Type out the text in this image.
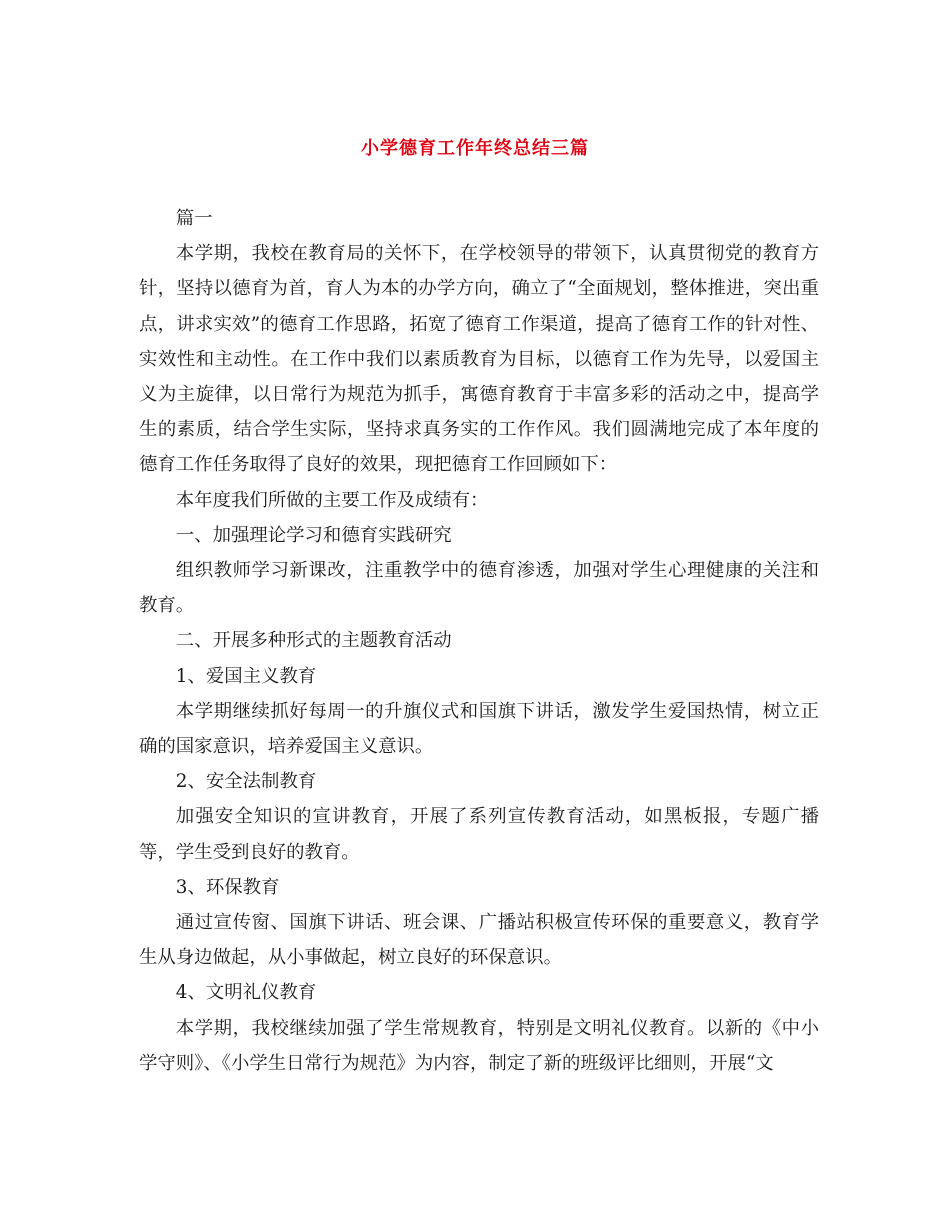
小学德育工作年终总结三篇

篇一

本学期，我校在教育局的关怀下，在学校领导的带领下，认真贯彻党的教育方针，坚持以德育为首，育人为本的办学方向，确立了“全面规划，整体推进，突出重点，讲求实效”的德育工作思路，拓宽了德育工作渠道，提高了德育工作的针对性、实效性和主动性。在工作中我们以素质教育为目标，以德育工作为先导，以爱国主义为主旋律，以日常行为规范为抓手，寓德育教育于丰富多彩的活动之中，提高学生的素质，结合学生实际，坚持求真务实的工作作风。我们圆满地完成了本年度的德育工作任务取得了良好的效果，现把德育工作回顾如下：

本年度我们所做的主要工作及成绩有：

一、加强理论学习和德育实践研究

组织教师学习新课改，注重教学中的德育渗透，加强对学生心理健康的关注和教育。

二、开展多种形式的主题教育活动

1、爱国主义教育

本学期继续抓好每周一的升旗仪式和国旗下讲话，激发学生爱国热情，树立正确的国家意识，培养爱国主义意识。

2、安全法制教育

加强安全知识的宣讲教育，开展了系列宣传教育活动，如黑板报，专题广播等，学生受到良好的教育。

3、环保教育

通过宣传窗、国旗下讲话、班会课、广播站积极宣传环保的重要意义，教育学生从身边做起，从小事做起，树立良好的环保意识。

4、文明礼仪教育

本学期，我校继续加强了学生常规教育，特别是文明礼仪教育。以新的《中小学守则》、《小学生日常行为规范》为内容，制定了新的班级评比细则，开展“文
